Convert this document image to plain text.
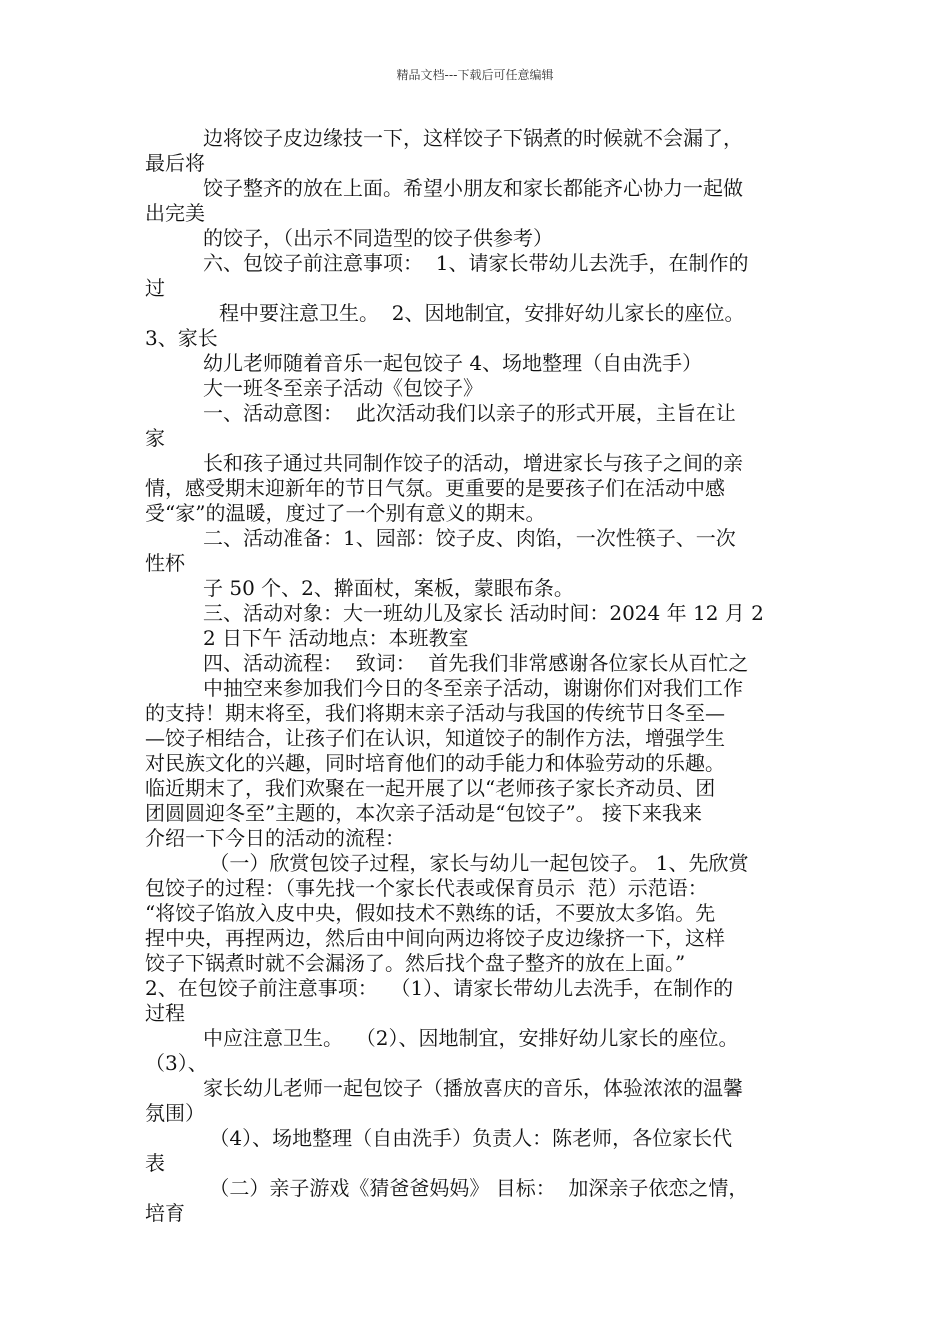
精品文档---下载后可任意编辑
边将饺子皮边缘技一下，这样饺子下锅煮的时候就不会漏了，
最后将
饺子整齐的放在上面。希望小朋友和家长都能齐心协力一起做
出完美
的饺子，（出示不同造型的饺子供参考）
六、包饺子前注意事项：  1、请家长带幼儿去洗手，在制作的
过
程中要注意卫生。  2、因地制宜，安排好幼儿家长的座位。
3、家长
幼儿老师随着音乐一起包饺子 4、场地整理（自由洗手）
大一班冬至亲子活动《包饺子》
一、活动意图：  此次活动我们以亲子的形式开展，主旨在让
家
长和孩子通过共同制作饺子的活动，增进家长与孩子之间的亲
情，感受期末迎新年的节日气氛。更重要的是要孩子们在活动中感
受“家”的温暖，度过了一个别有意义的期末。
二、活动准备：1、园部：饺子皮、肉馅，一次性筷子、一次
性杯
子 50 个、2、擀面杖，案板，蒙眼布条。
三、活动对象：大一班幼儿及家长 活动时间：2024 年 12 月 2
2 日下午 活动地点：本班教室
四、活动流程：  致词：  首先我们非常感谢各位家长从百忙之
中抽空来参加我们今日的冬至亲子活动，谢谢你们对我们工作
的支持！期末将至，我们将期末亲子活动与我国的传统节日冬至—
—饺子相结合，让孩子们在认识，知道饺子的制作方法，增强学生
对民族文化的兴趣，同时培育他们的动手能力和体验劳动的乐趣。
临近期末了，我们欢聚在一起开展了以“老师孩子家长齐动员、团
团圆圆迎冬至”主题的，本次亲子活动是“包饺子”。 接下来我来
介绍一下今日的活动的流程：
（一）欣赏包饺子过程，家长与幼儿一起包饺子。 1、先欣赏
包饺子的过程：（事先找一个家长代表或保育员示  范）示范语：
“将饺子馅放入皮中央，假如技术不熟练的话，不要放太多馅。先
捏中央，再捏两边，然后由中间向两边将饺子皮边缘挤一下，这样
饺子下锅煮时就不会漏汤了。然后找个盘子整齐的放在上面。”
2、在包饺子前注意事项：  （1）、请家长带幼儿去洗手，在制作的
过程
中应注意卫生。  （2）、因地制宜，安排好幼儿家长的座位。
（3）、
家长幼儿老师一起包饺子（播放喜庆的音乐，体验浓浓的温馨
氛围）
（4）、场地整理（自由洗手）负责人：陈老师，各位家长代
表
（二）亲子游戏《猜爸爸妈妈》 目标：  加深亲子依恋之情，
培育
